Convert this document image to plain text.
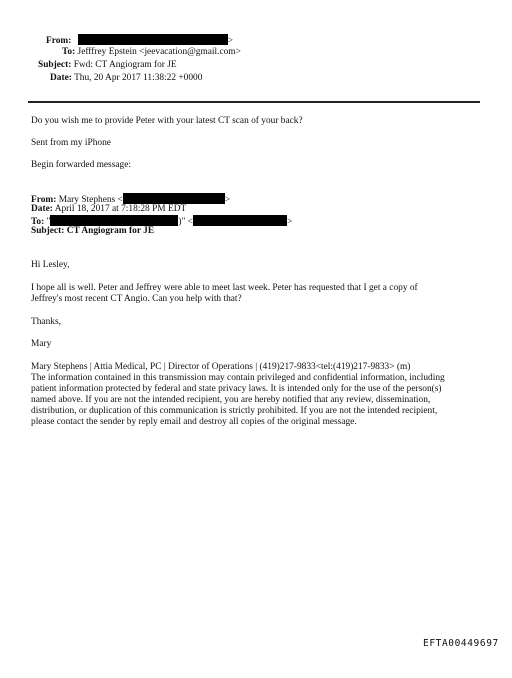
From:	>
To: Jefffrey Epstein <jeevacation@gmail.com>
Subject: Fwd: CT Angiogram for JE
Date: Thu, 20 Apr 2017 11:38:22 +0000
Do you wish me to provide Peter with your latest CT scan of your back?
Sent from my iPhone
Begin forwarded message:
From: Mary Stephens <	>
Date: April 18, 2017 at 7:18:28 PM EDT
To: "	)" <	>
Subject: CT Angiogram for JE
Hi Lesley,
I hope all is well. Peter and Jeffrey were able to meet last week. Peter has requested that I get a copy of
Jeffrey's most recent CT Angio. Can you help with that?
Thanks,
Mary
Mary Stephens | Attia Medical, PC | Director of Operations | (419)217-9833<tel:(419)217-9833> (m)
The information contained in this transmission may contain privileged and confidential information, including
patient information protected by federal and state privacy laws. It is intended only for the use of the person(s)
named above. If you are not the intended recipient, you are hereby notified that any review, dissemination,
distribution, or duplication of this communication is strictly prohibited. If you are not the intended recipient,
please contact the sender by reply email and destroy all copies of the original message.
EFTA00449697
